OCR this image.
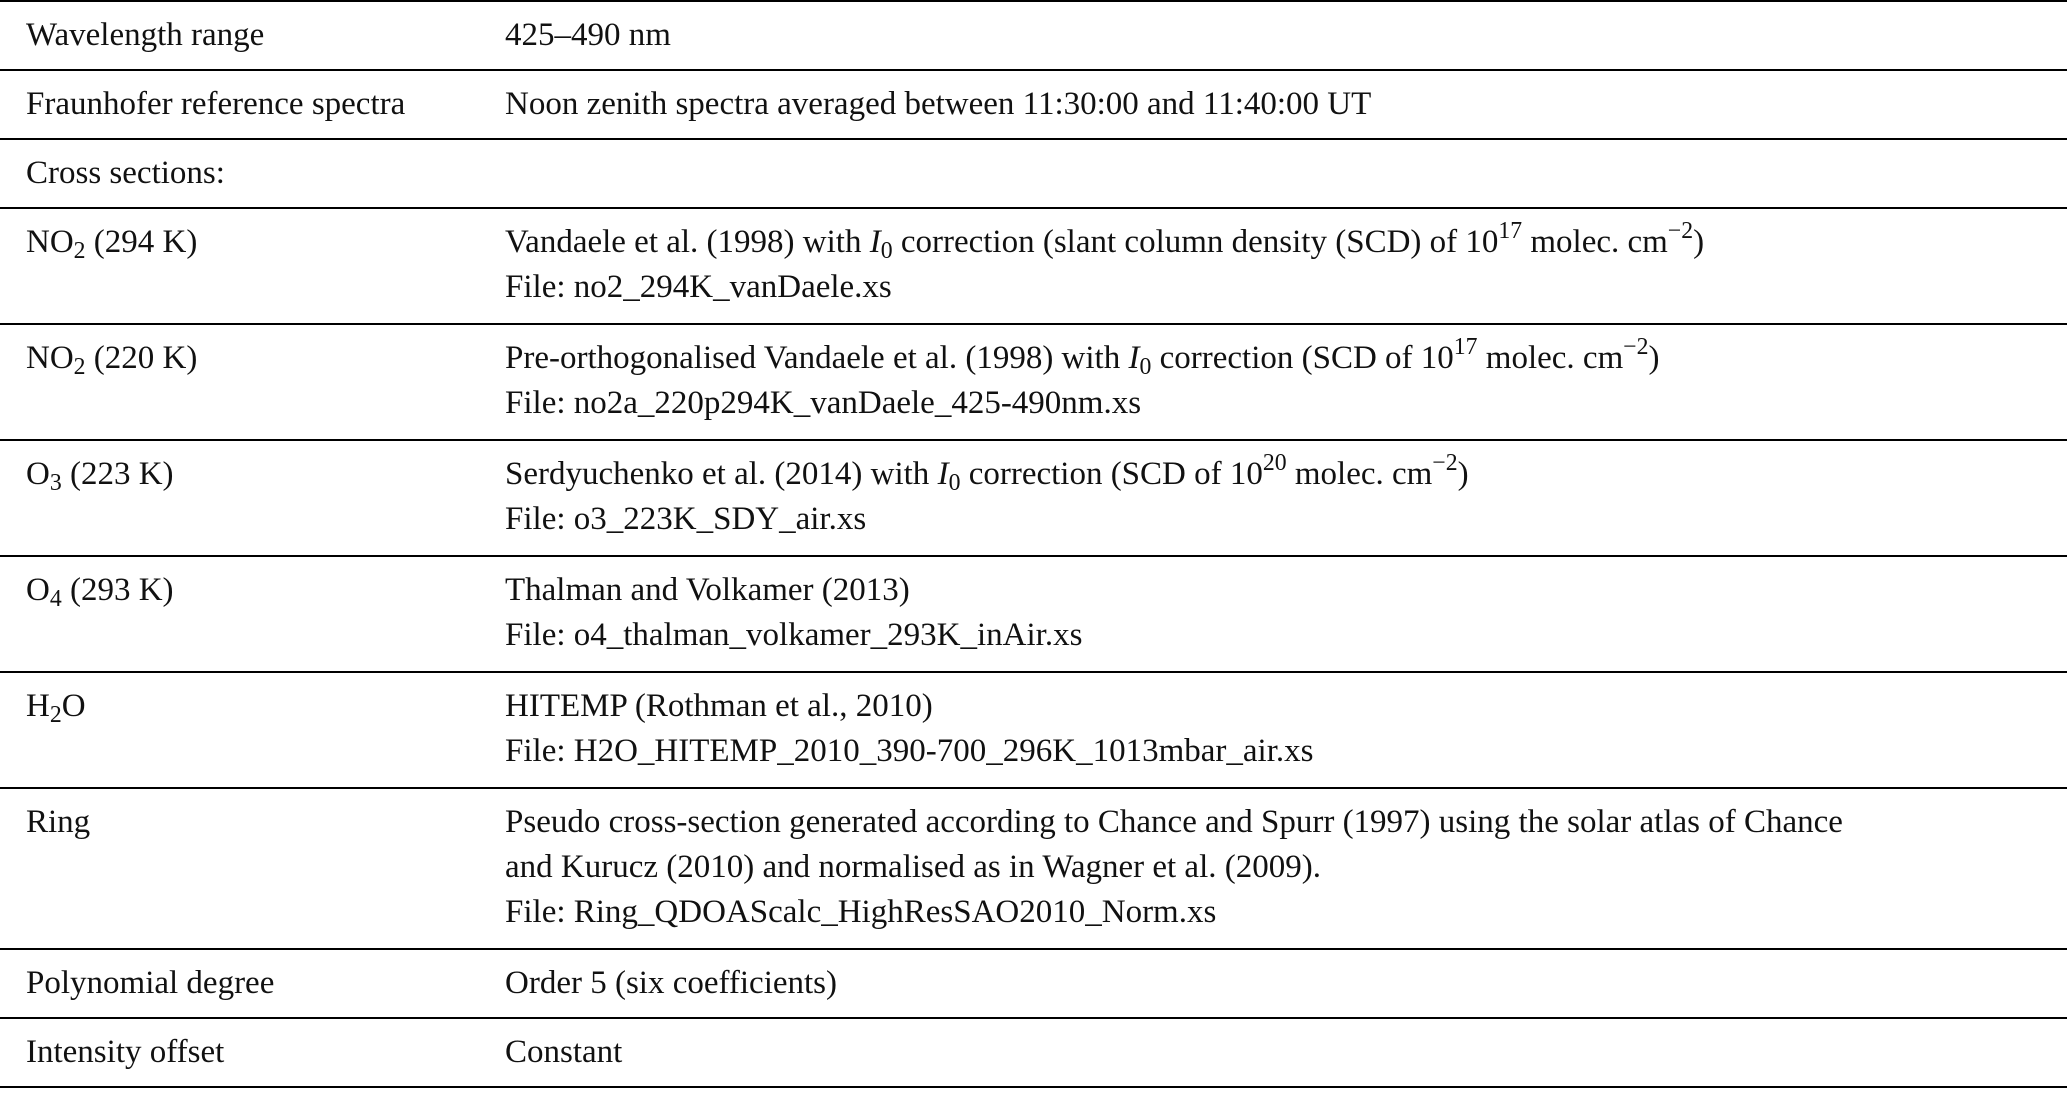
Wavelength range	425–490 nm
Fraunhofer reference spectra	Noon zenith spectra averaged between 11:30:00 and 11:40:00 UT
Cross sections:
$NO_2$ (294 K)	Vandaele et al. (1998) with $I_0$ correction (slant column density (SCD) of $10^{17}$ molec. $cm^{-2}$)
File: no2_294K_vanDaele.xs
$NO_2$ (220 K)	Pre-orthogonalised Vandaele et al. (1998) with $I_0$ correction (SCD of $10^{17}$ molec. $cm^{-2}$)
File: no2a_220p294K_vanDaele_425-490nm.xs
$O_3$ (223 K)	Serdyuchenko et al. (2014) with $I_0$ correction (SCD of $10^{20}$ molec. $cm^{-2}$)
File: o3_223K_SDY_air.xs
$O_4$ (293 K)	Thalman and Volkamer (2013)
File: o4_thalman_volkamer_293K_inAir.xs
$H_2O$	HITEMP (Rothman et al., 2010)
File: H2O_HITEMP_2010_390-700_296K_1013mbar_air.xs
Ring	Pseudo cross-section generated according to Chance and Spurr (1997) using the solar atlas of Chance
and Kurucz (2010) and normalised as in Wagner et al. (2009).
File: Ring_QDOAScalc_HighResSAO2010_Norm.xs
Polynomial degree	Order 5 (six coefficients)
Intensity offset	Constant
